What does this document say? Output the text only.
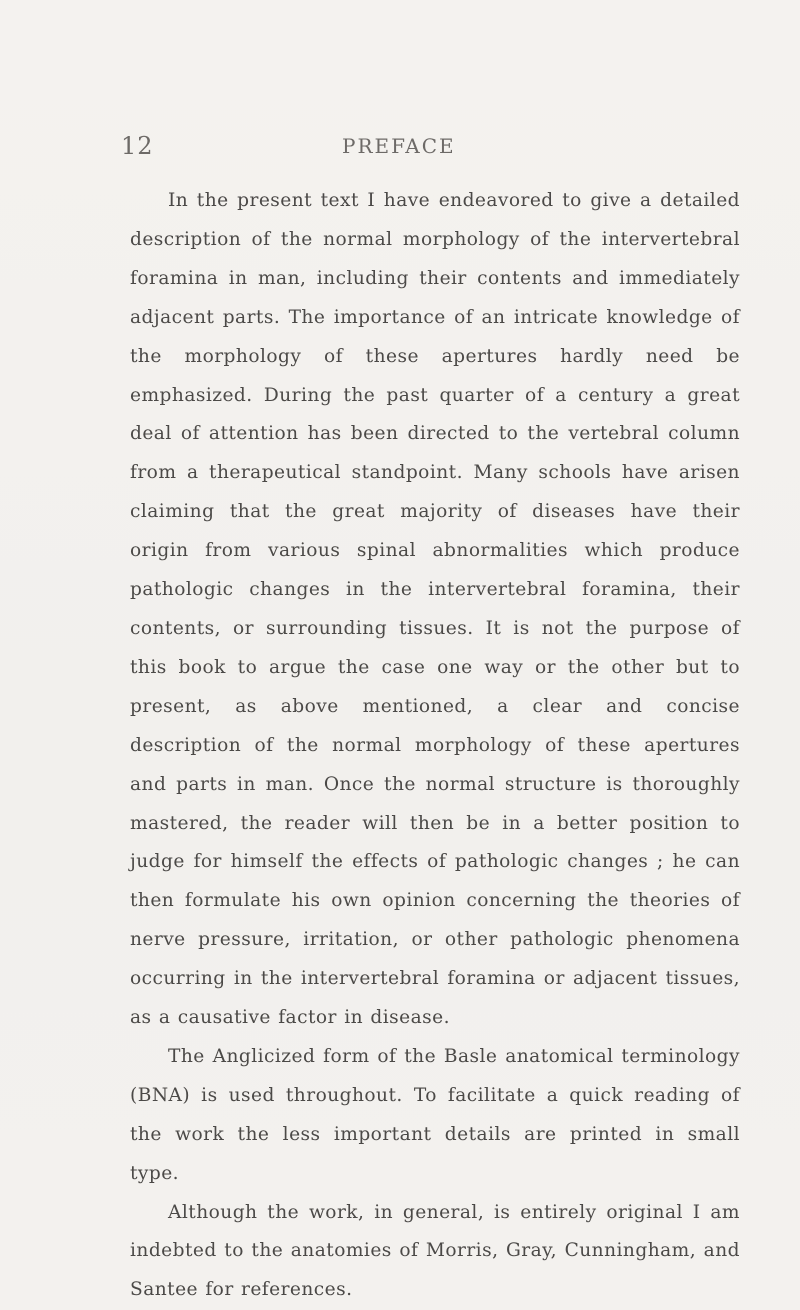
12	PREFACE

In the present text I have endeavored to give a detailed description of the normal morphology of the intervertebral foramina in man, including their contents and immediately adjacent parts. The importance of an intricate knowledge of the morphology of these apertures hardly need be emphasized. During the past quarter of a century a great deal of attention has been directed to the vertebral column from a therapeutical standpoint. Many schools have arisen claiming that the great majority of diseases have their origin from various spinal abnormalities which produce pathologic changes in the intervertebral foramina, their contents, or surrounding tissues. It is not the purpose of this book to argue the case one way or the other but to present, as above mentioned, a clear and concise description of the normal morphology of these apertures and parts in man. Once the normal structure is thoroughly mastered, the reader will then be in a better position to judge for himself the effects of pathologic changes ; he can then formulate his own opinion concerning the theories of nerve pressure, irritation, or other pathologic phenomena occurring in the intervertebral foramina or adjacent tissues, as a causative factor in disease.

The Anglicized form of the Basle anatomical terminology (BNA) is used throughout. To facilitate a quick reading of the work the less important details are printed in small type.

Although the work, in general, is entirely original I am indebted to the anatomies of Morris, Gray, Cunningham, and Santee for references.
